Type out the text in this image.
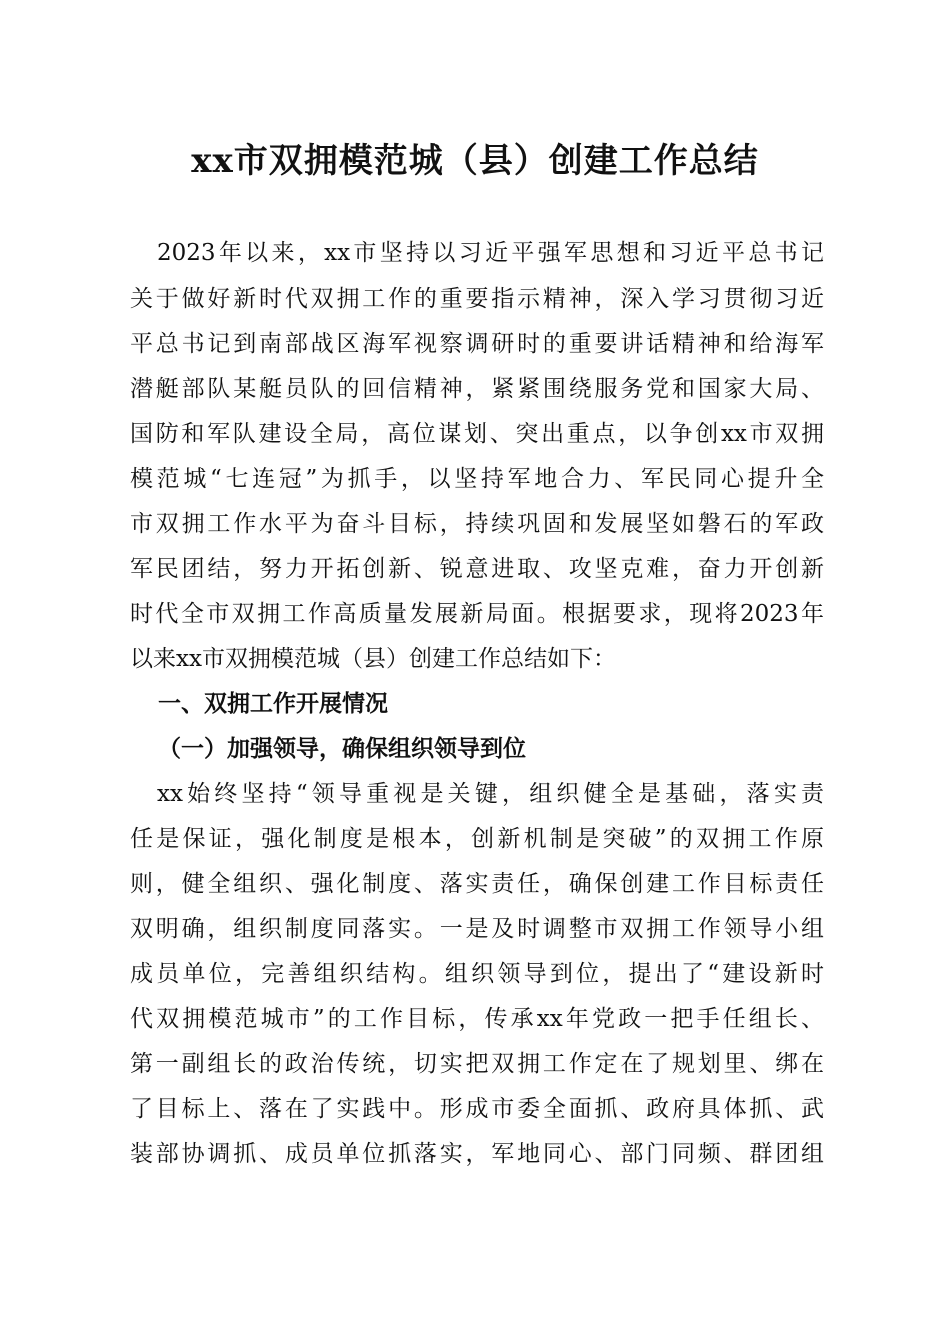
xx市双拥模范城（县）创建工作总结
2023年以来，xx市坚持以习近平强军思想和习近平总书记
关于做好新时代双拥工作的重要指示精神，深入学习贯彻习近
平总书记到南部战区海军视察调研时的重要讲话精神和给海军
潜艇部队某艇员队的回信精神，紧紧围绕服务党和国家大局、
国防和军队建设全局，高位谋划、突出重点，以争创xx市双拥
模范城“七连冠”为抓手，以坚持军地合力、军民同心提升全
市双拥工作水平为奋斗目标，持续巩固和发展坚如磐石的军政
军民团结，努力开拓创新、锐意进取、攻坚克难，奋力开创新
时代全市双拥工作高质量发展新局面。根据要求，现将2023年
以来xx市双拥模范城（县）创建工作总结如下：
一、双拥工作开展情况
（一）加强领导，确保组织领导到位
xx始终坚持“领导重视是关键，组织健全是基础，落实责
任是保证，强化制度是根本，创新机制是突破”的双拥工作原
则，健全组织、强化制度、落实责任，确保创建工作目标责任
双明确，组织制度同落实。一是及时调整市双拥工作领导小组
成员单位，完善组织结构。组织领导到位，提出了“建设新时
代双拥模范城市”的工作目标，传承xx年党政一把手任组长、
第一副组长的政治传统，切实把双拥工作定在了规划里、绑在
了目标上、落在了实践中。形成市委全面抓、政府具体抓、武
装部协调抓、成员单位抓落实，军地同心、部门同频、群团组
